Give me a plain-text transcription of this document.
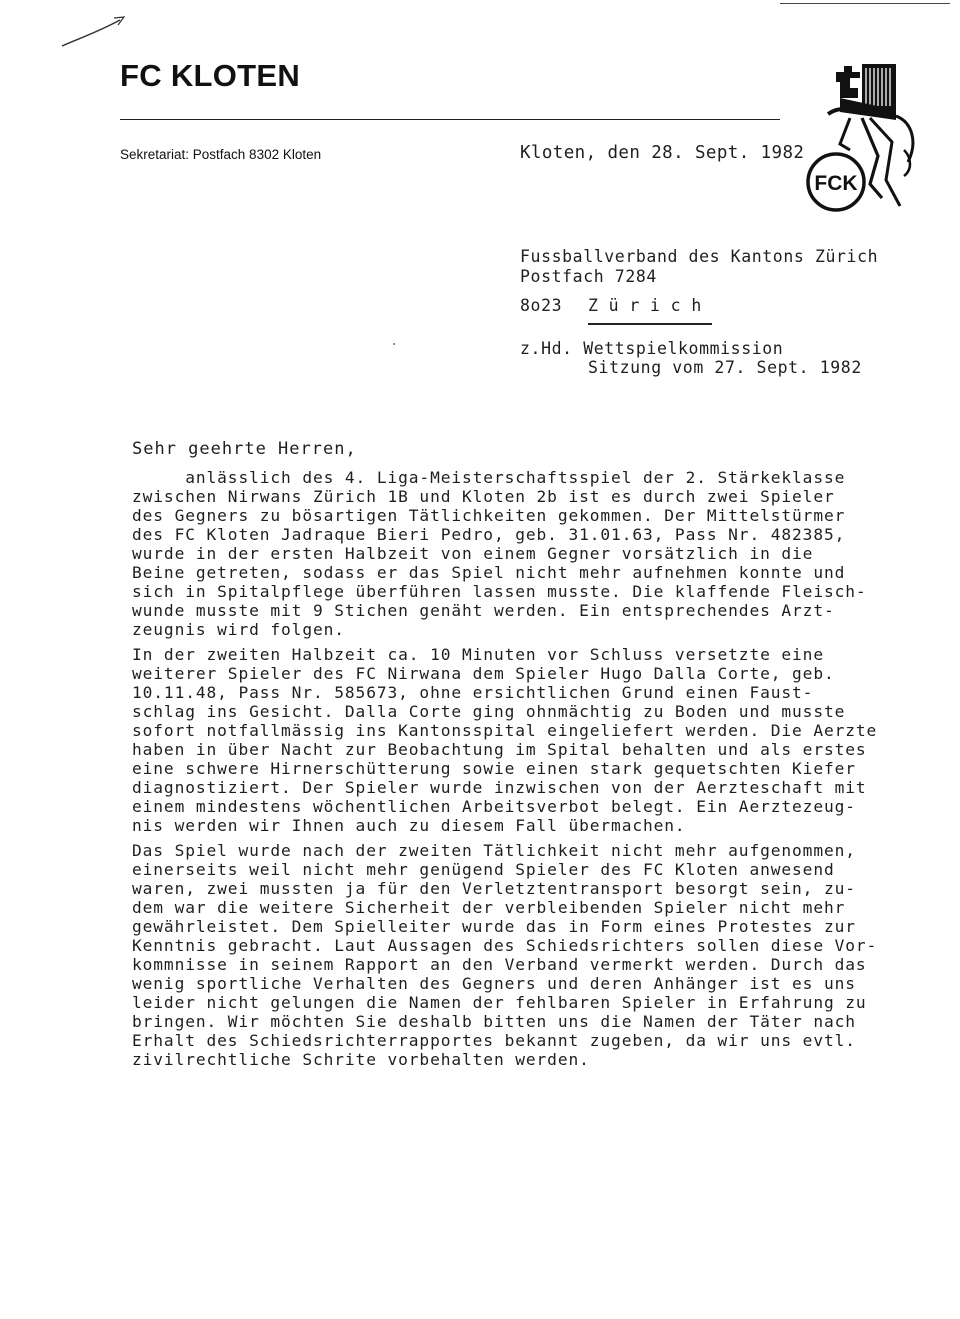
FC KLOTEN
Sekretariat: Postfach 8302 Kloten
FCK
Kloten, den 28. Sept. 1982
Fussballverband des Kantons Zürich
Postfach 7284
8o23 Z ü r i c h
z.Hd. Wettspielkommission
Sitzung vom 27. Sept. 1982
Sehr geehrte Herren,
anlässlich des 4. Liga-Meisterschaftsspiel der 2. Stärkeklasse
zwischen Nirwans Zürich 1B und Kloten 2b ist es durch zwei Spieler
des Gegners zu bösartigen Tätlichkeiten gekommen. Der Mittelstürmer
des FC Kloten Jadraque Bieri Pedro, geb. 31.01.63, Pass Nr. 482385,
wurde in der ersten Halbzeit von einem Gegner vorsätzlich in die
Beine getreten, sodass er das Spiel nicht mehr aufnehmen konnte und
sich in Spitalpflege überführen lassen musste. Die klaffende Fleisch-
wunde musste mit 9 Stichen genäht werden. Ein entsprechendes Arzt-
zeugnis wird folgen.
In der zweiten Halbzeit ca. 10 Minuten vor Schluss versetzte eine
weiterer Spieler des FC Nirwana dem Spieler Hugo Dalla Corte, geb.
10.11.48, Pass Nr. 585673, ohne ersichtlichen Grund einen Faust-
schlag ins Gesicht. Dalla Corte ging ohnmächtig zu Boden und musste
sofort notfallmässig ins Kantonsspital eingeliefert werden. Die Aerzte
haben in über Nacht zur Beobachtung im Spital behalten und als erstes
eine schwere Hirnerschütterung sowie einen stark gequetschten Kiefer
diagnostiziert. Der Spieler wurde inzwischen von der Aerzteschaft mit
einem mindestens wöchentlichen Arbeitsverbot belegt. Ein Aerztezeug-
nis werden wir Ihnen auch zu diesem Fall übermachen.
Das Spiel wurde nach der zweiten Tätlichkeit nicht mehr aufgenommen,
einerseits weil nicht mehr genügend Spieler des FC Kloten anwesend
waren, zwei mussten ja für den Verletztentransport besorgt sein, zu-
dem war die weitere Sicherheit der verbleibenden Spieler nicht mehr
gewährleistet. Dem Spielleiter wurde das in Form eines Protestes zur
Kenntnis gebracht. Laut Aussagen des Schiedsrichters sollen diese Vor-
kommnisse in seinem Rapport an den Verband vermerkt werden. Durch das
wenig sportliche Verhalten des Gegners und deren Anhänger ist es uns
leider nicht gelungen die Namen der fehlbaren Spieler in Erfahrung zu
bringen. Wir möchten Sie deshalb bitten uns die Namen der Täter nach
Erhalt des Schiedsrichterrapportes bekannt zugeben, da wir uns evtl.
zivilrechtliche Schrite vorbehalten werden.
